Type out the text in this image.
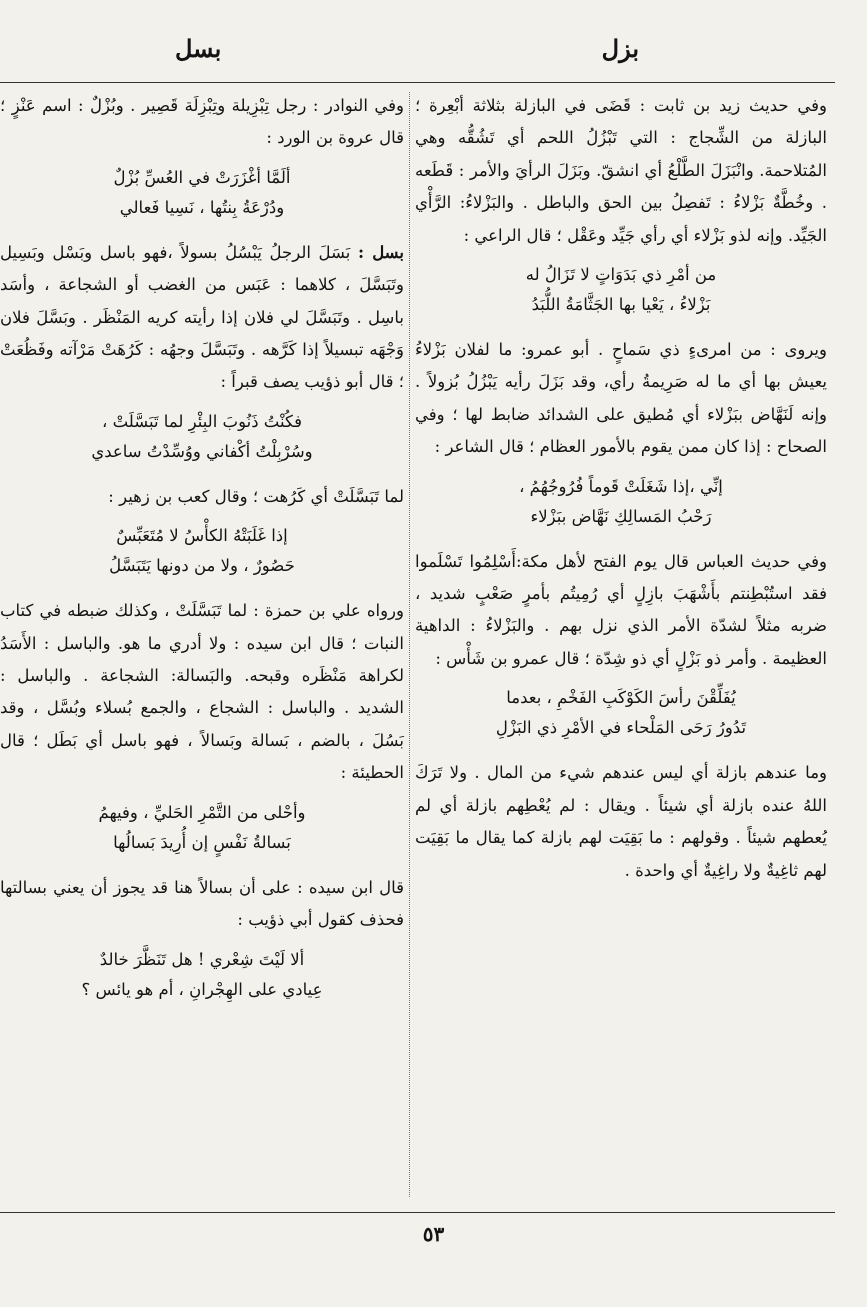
بزل
بسل

وفي حديث زيد بن ثابت : قَضَى في البازلة بثلاثة أبْعِرة ؛ البازلة من الشِّجاج : التي تَبْزُلُ اللحم أي تَشُقُّه وهي المُتلاحمة. وانْبَزَلَ الطَّلْعُ أي انشقّ. وبَزَلَ الرأيَ والأمر : قَطَعه . وخُطَّةٌ بَزْلاءُ : تَفصِلُ بين الحق والباطل . والبَزْلاءُ: الرَّأْي الجَيِّد. وإنه لذو بَزْلاء أي رأي جَيِّد وعَقْل ؛ قال الراعي :

من أمْرِ ذي بَدَوَاتٍ لا تَزَالُ له
بَزْلاءُ ، يَعْيا بها الجَثَّامَةُ اللُّبَدُ

ويروى : من امرىءٍ ذي سَماحٍ . أبو عمرو: ما لفلان بَزْلاءُ يعيش بها أي ما له صَرِيمةُ رأي، وقد بَزَلَ رأيه يَبْزُلُ بُزولاً . وإنه لَنَهَّاض ببَزْلاء أي مُطيق على الشدائد ضابط لها ؛ وفي الصحاح : إذا كان ممن يقوم بالأمور العظام ؛ قال الشاعر :

إنِّي ،إذا شَغَلَتْ قَوماً فُرُوجُهُمُ ،
رَحْبُ المَسالِكِ نَهَّاض ببَزْلاء

وفي حديث العباس قال يوم الفتح لأهل مكة:أَسْلِمُوا تَسْلَموا فقد استُبْطِنتم بأَشْهَبَ بازِلٍ أي رُمِيتُم بأمرٍ صَعْبٍ شديد ، ضربه مثلاً لشدّة الأمر الذي نزل بهم . والبَزْلاءُ : الداهية العظيمة . وأمر ذو بَزْلٍ أي ذو شِدّة ؛ قال عمرو بن شَأْس :

يُفَلِّقْنَ رأسَ الكَوْكَبِ الفَخْمِ ، بعدما
تَدُورُ رَحَى المَلْحاء في الأمْرِ ذي البَزْلِ

وما عندهم بازلة أي ليس عندهم شيء من المال . ولا تَرَكَ اللهُ عنده بازلة أي شيئاً . ويقال : لم يُعْطِهم بازلة أي لم يُعطهم شيئاً . وقولهم : ما بَقِيَت لهم بازلة كما يقال ما بَقِيَت لهم ثاغِيةٌ ولا راغِيةٌ أي واحدة .

وفي النوادر : رجل تِبْزِيلة وتِبْزِلَة قَصِير . وبُزْلٌ : اسم عَنْزٍ ؛ قال عروة بن الورد :

ألَمَّا أغْزَرَتْ في العُسِّ بُزْلٌ
ودُرْعَةُ بِنتُها ، نَسِيا فَعالي

بسل : بَسَلَ الرجلُ يَبْسُلُ بسولاً ،فهو باسل وبَسْل وبَسِيل وتَبَسَّلَ ، كلاهما : عَبَس من الغضب أو الشجاعة ، وأسَد باسِل . وتَبَسَّلَ لي فلان إذا رأيته كريه المَنْظَر . وبَسَّلَ فلان وَجْهَه تبسيلاً إذا كَرَّهه . وتَبَسَّلَ وجهُه : كَرُهَتْ مَرْآته وفَظُعَتْ ؛ قال أبو ذؤيب يصف قبراً :

فكُنْتُ ذَنُوبَ البِئْرِ لما تَبَسَّلَتْ ،
وسُرْبِلْتُ أكْفاني ووُسِّدْتُ ساعدي

لما تَبَسَّلَتْ أي كَرُهت ؛ وقال كعب بن زهير :

إذا غَلَبَتْهُ الكأْسُ لا مُتَعَبِّسٌ
حَصُورٌ ، ولا من دونها يَتَبَسَّلُ

ورواه علي بن حمزة : لما تَبَسَّلَتْ ، وكذلك ضبطه في كتاب النبات ؛ قال ابن سيده : ولا أدري ما هو. والباسل : الأَسَدُ لكراهة مَنْظَره وقبحه. والبَسالة: الشجاعة . والباسل : الشديد . والباسل : الشجاع ، والجمع بُسلاء وبُسَّل ، وقد بَسُلَ ، بالضم ، بَسالة وبَسالاً ، فهو باسل أي بَطَل ؛ قال الحطيئة :

وأحْلى من التَّمْرِ الحَليِّ ، وفيهمُ
بَسالةُ نَفْسٍ إن أُرِيدَ بَسالُها

قال ابن سيده : على أن بسالاً هنا قد يجوز أن يعني بسالتها فحذف كقول أبي ذؤيب :

ألا لَيْتَ شِعْري ! هل تَنَظَّرَ خالدٌ
عِيادي على الهِجْرانِ ، أم هو يائس ؟
٥٣
